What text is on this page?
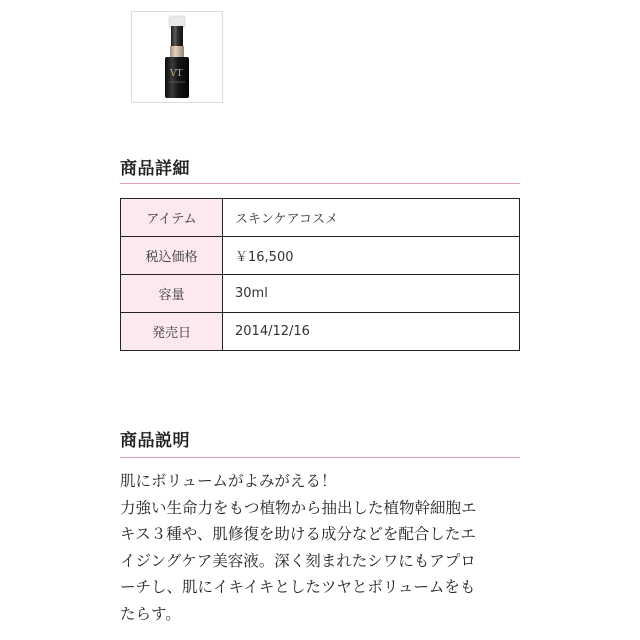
VT
商品詳細
アイテム	スキンケアコスメ
税込価格	￥16,500
容量	30ml
発売日	2014/12/16
商品説明

肌にボリュームがよみがえる！
力強い生命力をもつ植物から抽出した植物幹細胞エ
キス３種や、肌修復を助ける成分などを配合したエ
イジングケア美容液。深く刻まれたシワにもアプロ
ーチし、肌にイキイキとしたツヤとボリュームをも
たらす。
